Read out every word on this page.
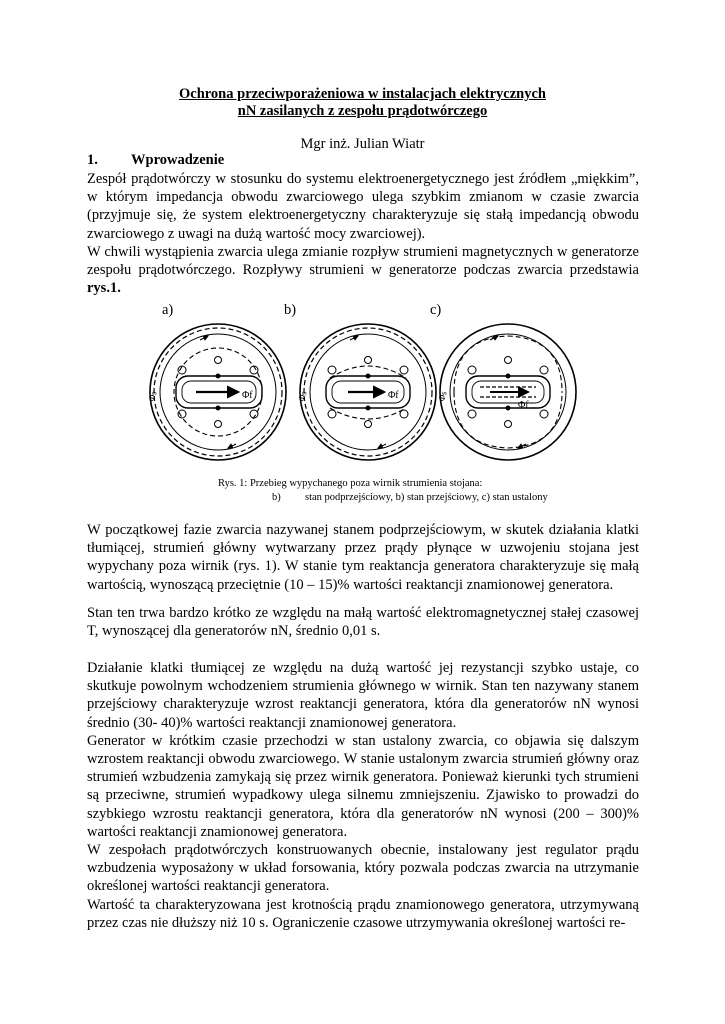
Ochrona przeciwporażeniowa w instalacjach elektrycznych
nN zasilanych z zespołu prądotwórczego
Mgr inż. Julian Wiatr
1. Wprowadzenie

Zespół prądotwórczy w stosunku do systemu elektroenergetycznego jest źródłem „miękkim”, w którym impedancja obwodu zwarciowego ulega szybkim zmianom w czasie zwarcia (przyjmuje się, że system elektroenergetyczny charakteryzuje się stałą impedancją obwodu zwarciowego z uwagi na dużą wartość mocy zwarciowej).

W chwili wystąpienia zwarcia ulega zmianie rozpływ strumieni magnetycznych w generatorze zespołu prądotwórczego. Rozpływy strumieni w generatorze podczas zwarcia przedstawia rys.1.

a)	b)	c)
Φf
Φs	Φf
Φs
Φf
Φs
Rys. 1: Przebieg wypychanego poza wirnik strumienia stojana:
b) stan podprzejściowy, b) stan przejściowy, c) stan ustalony
W początkowej fazie zwarcia nazywanej stanem podprzejściowym, w skutek działania klatki tłumiącej, strumień główny wytwarzany przez prądy płynące w uzwojeniu stojana jest wypychany poza wirnik (rys. 1). W stanie tym reaktancja generatora charakteryzuje się małą wartością, wynoszącą przeciętnie (10 – 15)% wartości reaktancji znamionowej generatora.
Stan ten trwa bardzo krótko ze względu na małą wartość elektromagnetycznej stałej czasowej T, wynoszącej dla generatorów nN, średnio 0,01 s.

Działanie klatki tłumiącej ze względu na dużą wartość jej rezystancji szybko ustaje, co skutkuje powolnym wchodzeniem strumienia głównego w wirnik. Stan ten nazywany stanem przejściowy charakteryzuje wzrost reaktancji generatora, która dla generatorów nN wynosi średnio (30- 40)% wartości reaktancji znamionowej generatora.

Generator w krótkim czasie przechodzi w stan ustalony zwarcia, co objawia się dalszym wzrostem reaktancji obwodu zwarciowego. W stanie ustalonym zwarcia strumień główny oraz strumień wzbudzenia zamykają się przez wirnik generatora. Ponieważ kierunki tych strumieni są przeciwne, strumień wypadkowy ulega silnemu zmniejszeniu. Zjawisko to prowadzi do szybkiego wzrostu reaktancji generatora, która dla generatorów nN wynosi (200 – 300)% wartości reaktancji znamionowej generatora.

W zespołach prądotwórczych konstruowanych obecnie, instalowany jest regulator prądu wzbudzenia wyposażony w układ forsowania, który pozwala podczas zwarcia na utrzymanie określonej wartości reaktancji generatora.

Wartość ta charakteryzowana jest krotnością prądu znamionowego generatora, utrzymywaną przez czas nie dłuższy niż 10 s. Ograniczenie czasowe utrzymywania określonej wartości re-
